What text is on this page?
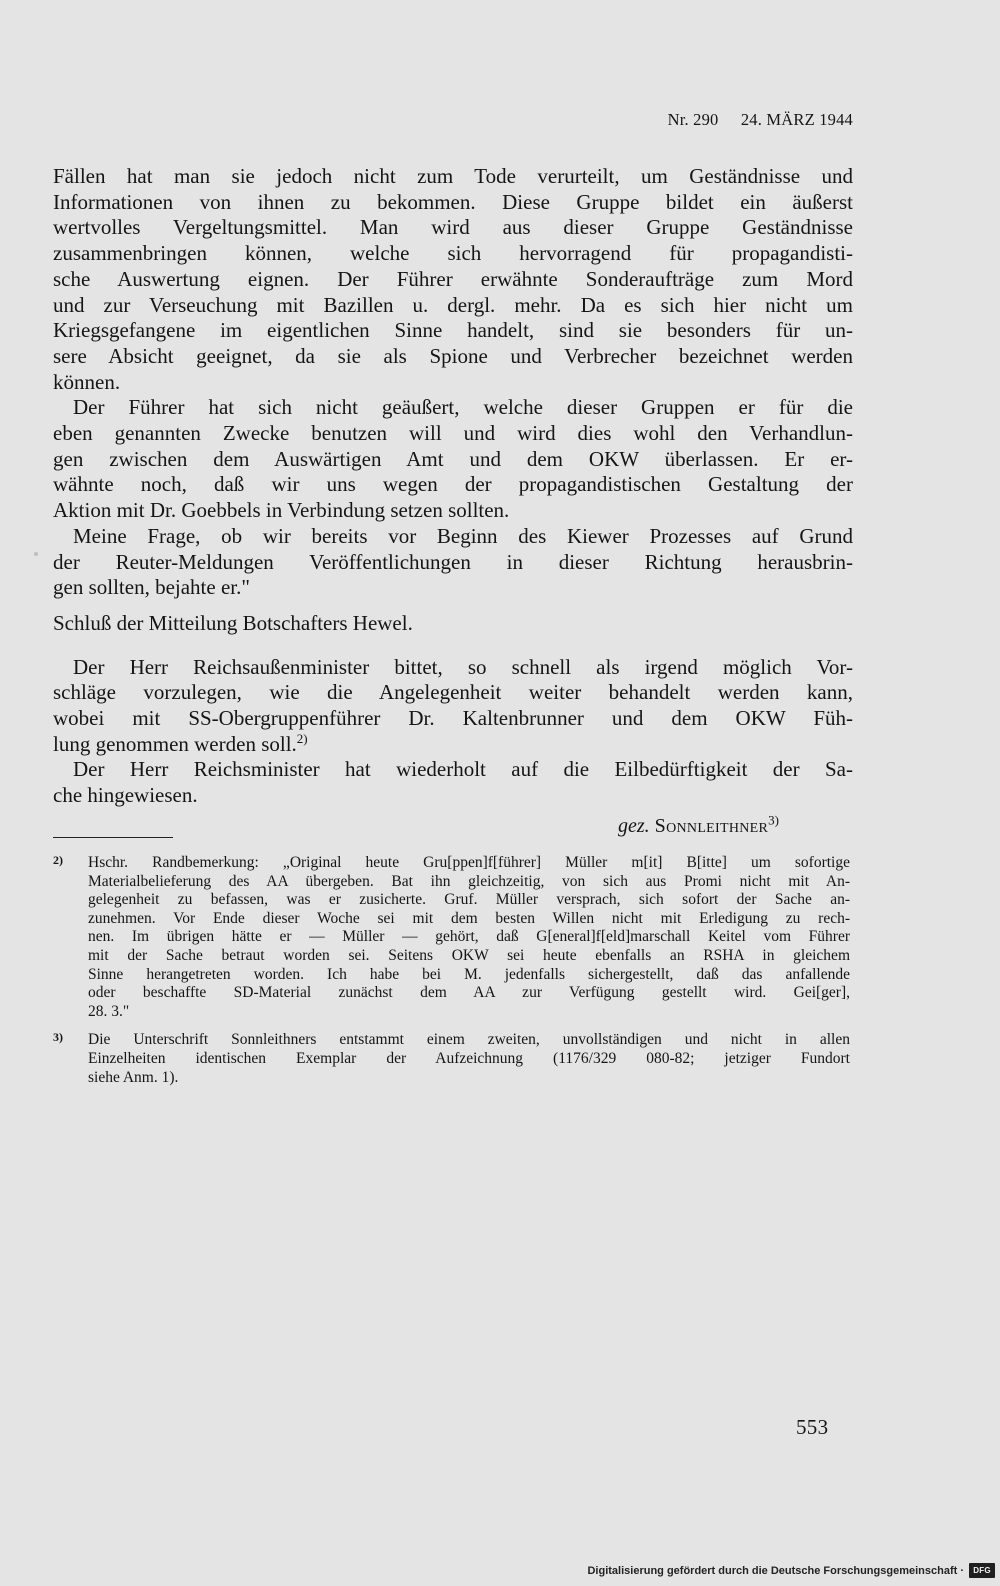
Nr. 290 24. MÄRZ 1944
Fällen hat man sie jedoch nicht zum Tode verurteilt, um Geständnisse und
Informationen von ihnen zu bekommen. Diese Gruppe bildet ein äußerst
wertvolles Vergeltungsmittel. Man wird aus dieser Gruppe Geständnisse
zusammenbringen können, welche sich hervorragend für propagandisti-
sche Auswertung eignen. Der Führer erwähnte Sonderaufträge zum Mord
und zur Verseuchung mit Bazillen u. dergl. mehr. Da es sich hier nicht um
Kriegsgefangene im eigentlichen Sinne handelt, sind sie besonders für un-
sere Absicht geeignet, da sie als Spione und Verbrecher bezeichnet werden
können.
Der Führer hat sich nicht geäußert, welche dieser Gruppen er für die
eben genannten Zwecke benutzen will und wird dies wohl den Verhandlun-
gen zwischen dem Auswärtigen Amt und dem OKW überlassen. Er er-
wähnte noch, daß wir uns wegen der propagandistischen Gestaltung der
Aktion mit Dr. Goebbels in Verbindung setzen sollten.
Meine Frage, ob wir bereits vor Beginn des Kiewer Prozesses auf Grund
der Reuter-Meldungen Veröffentlichungen in dieser Richtung herausbrin-
gen sollten, bejahte er."
Schluß der Mitteilung Botschafters Hewel.
Der Herr Reichsaußenminister bittet, so schnell als irgend möglich Vor-
schläge vorzulegen, wie die Angelegenheit weiter behandelt werden kann,
wobei mit SS-Obergruppenführer Dr. Kaltenbrunner und dem OKW Füh-
lung genommen werden soll.$^{2)}$
Der Herr Reichsminister hat wiederholt auf die Eilbedürftigkeit der Sa-
che hingewiesen.
gez. Sonnleithner$^{3)}$
2) Hschr. Randbemerkung: „Original heute Gru[ppen]f[führer] Müller m[it] B[itte] um sofortige
Materialbelieferung des AA übergeben. Bat ihn gleichzeitig, von sich aus Promi nicht mit An-
gelegenheit zu befassen, was er zusicherte. Gruf. Müller versprach, sich sofort der Sache an-
zunehmen. Vor Ende dieser Woche sei mit dem besten Willen nicht mit Erledigung zu rech-
nen. Im übrigen hätte er — Müller — gehört, daß G[eneral]f[eld]marschall Keitel vom Führer
mit der Sache betraut worden sei. Seitens OKW sei heute ebenfalls an RSHA in gleichem
Sinne herangetreten worden. Ich habe bei M. jedenfalls sichergestellt, daß das anfallende
oder beschaffte SD-Material zunächst dem AA zur Verfügung gestellt wird. Gei[ger],
28. 3."
3) Die Unterschrift Sonnleithners entstammt einem zweiten, unvollständigen und nicht in allen
Einzelheiten identischen Exemplar der Aufzeichnung (1176/329 080-82; jetziger Fundort
siehe Anm. 1).
553
Digitalisierung gefördert durch die Deutsche Forschungsgemeinschaft ·	DFG
